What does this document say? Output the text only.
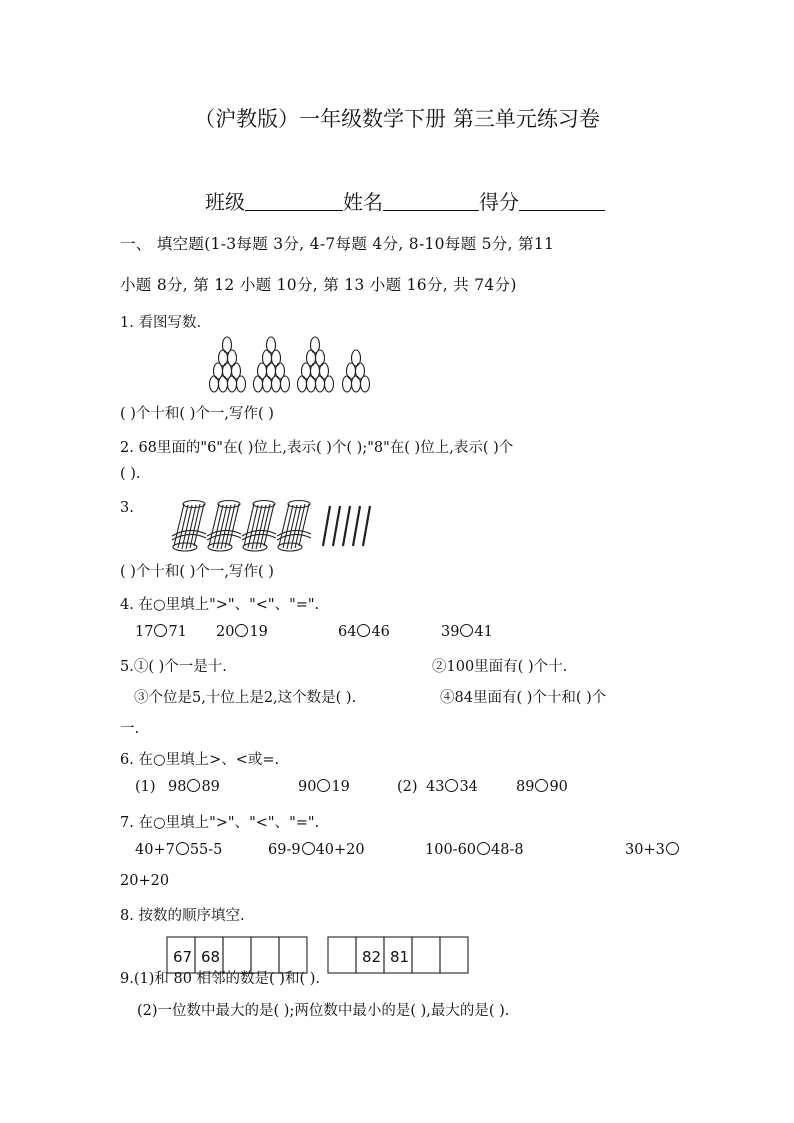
（沪教版）一年级数学下册 第三单元练习卷
班级	姓名	得分
一、 填空题(1-3每题 3分, 4-7每题 4分, 8-10每题 5分, 第11
小题 8分, 第 12 小题 10分, 第 13 小题 16分, 共 74分)
1. 看图写数.
( )个十和( )个一,写作( )
2. 68里面的"6"在( )位上,表示( )个( );"8"在( )位上,表示( )个
( ).
3.
( )个十和( )个一,写作( )
4. 在○里填上">"、"<"、"=".
17 71 20 19	64 46	39 41
5.①( )个一是十.	②100里面有( )个十.
③个位是5,十位上是2,这个数是( ).	④84里面有( )个十和( )个
一.
6. 在○里填上>、<或=.
(1) 98 89	90 19	(2) 43 34	89 90
7. 在○里填上">"、"<"、"=".
40+7 55-5	69-9 40+20	100-60 48-8	30+3
20+20
8. 按数的顺序填空.
67 68	82 81
9.(1)和 80 相邻的数是( )和( ).
(2)一位数中最大的是( );两位数中最小的是( ),最大的是( ).
